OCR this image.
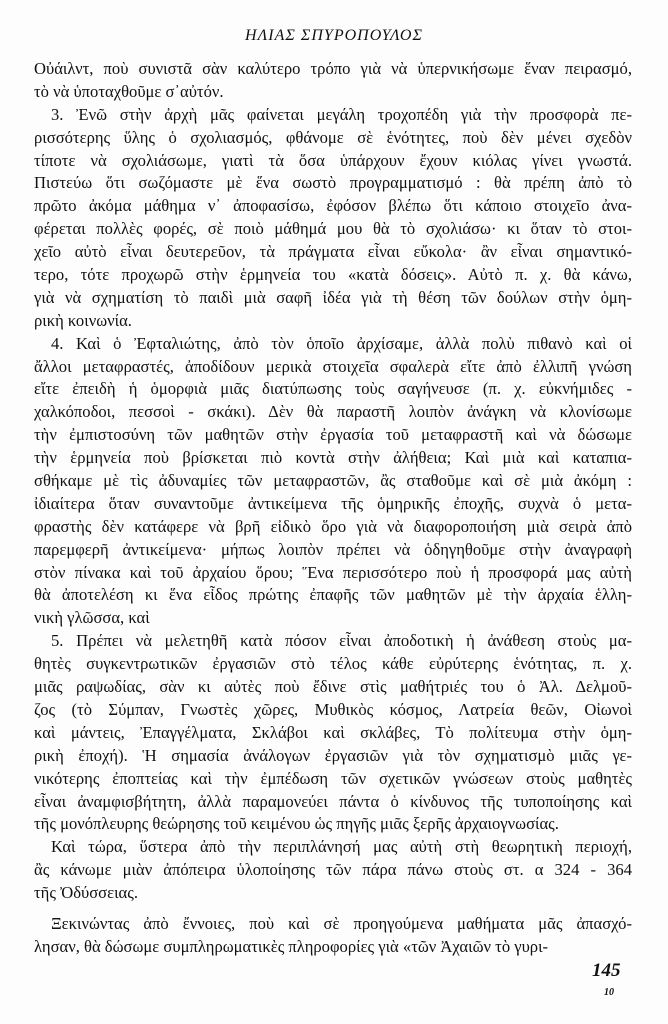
ΗΛΙΑΣ ΣΠΥΡΟΠΟΥΛΟΣ
Οὐάιλντ, ποὺ συνιστᾶ σὰν καλύτερο τρόπο γιὰ νὰ ὑπερνικήσωμε ἕναν πειρασμό,
τὸ νὰ ὑποταχθοῦμε σ᾽αὐτόν.
3. Ἐνῶ στὴν ἀρχὴ μᾶς φαίνεται μεγάλη τροχοπέδη γιὰ τὴν προσφορὰ πε-
ρισσότερης ὕλης ὁ σχολιασμός, φθάνομε σὲ ἑνότητες, ποὺ δὲν μένει σχεδὸν
τίποτε νὰ σχολιάσωμε, γιατὶ τὰ ὅσα ὑπάρχουν ἔχουν κιόλας γίνει γνωστά.
Πιστεύω ὅτι σωζόμαστε μὲ ἕνα σωστὸ προγραμματισμό : θὰ πρέπη ἀπὸ τὸ
πρῶτο ἀκόμα μάθημα ν᾽ ἀποφασίσω, ἐφόσον βλέπω ὅτι κάποιο στοιχεῖο ἀνα-
φέρεται πολλὲς φορές, σὲ ποιὸ μάθημά μου θὰ τὸ σχολιάσω· κι ὅταν τὸ στοι-
χεῖο αὐτὸ εἶναι δευτερεῦον, τὰ πράγματα εἶναι εὔκολα· ἂν εἶναι σημαντικό-
τερο, τότε προχωρῶ στὴν ἑρμηνεία του «κατὰ δόσεις». Αὐτὸ π. χ. θὰ κάνω,
γιὰ νὰ σχηματίση τὸ παιδὶ μιὰ σαφῆ ἰδέα γιὰ τὴ θέση τῶν δούλων στὴν ὁμη-
ρικὴ κοινωνία.
4. Καὶ ὁ Ἐφταλιώτης, ἀπὸ τὸν ὁποῖο ἀρχίσαμε, ἀλλὰ πολὺ πιθανὸ καὶ οἱ
ἄλλοι μεταφραστές, ἀποδίδουν μερικὰ στοιχεῖα σφαλερὰ εἴτε ἀπὸ ἐλλιπῆ γνώση
εἴτε ἐπειδὴ ἡ ὁμορφιὰ μιᾶς διατύπωσης τοὺς σαγήνευσε (π. χ. εὐκνήμιδες -
χαλκόποδοι, πεσσοὶ - σκάκι). Δὲν θὰ παραστῆ λοιπὸν ἀνάγκη νὰ κλονίσωμε
τὴν ἐμπιστοσύνη τῶν μαθητῶν στὴν ἐργασία τοῦ μεταφραστῆ καὶ νὰ δώσωμε
τὴν ἑρμηνεία ποὺ βρίσκεται πιὸ κοντὰ στὴν ἀλήθεια; Καὶ μιὰ καὶ καταπια-
σθήκαμε μὲ τὶς ἀδυναμίες τῶν μεταφραστῶν, ἂς σταθοῦμε καὶ σὲ μιὰ ἀκόμη :
ἰδιαίτερα ὅταν συναντοῦμε ἀντικείμενα τῆς ὁμηρικῆς ἐποχῆς, συχνὰ ὁ μετα-
φραστὴς δὲν κατάφερε νὰ βρῆ εἰδικὸ ὅρο γιὰ νὰ διαφοροποιήση μιὰ σειρὰ ἀπὸ
παρεμφερῆ ἀντικείμενα· μήπως λοιπὸν πρέπει νὰ ὁδηγηθοῦμε στὴν ἀναγραφὴ
στὸν πίνακα καὶ τοῦ ἀρχαίου ὅρου; Ἕνα περισσότερο ποὺ ἡ προσφορά μας αὐτὴ
θὰ ἀποτελέση κι ἕνα εἶδος πρώτης ἐπαφῆς τῶν μαθητῶν μὲ τὴν ἀρχαία ἑλλη-
νικὴ γλῶσσα, καὶ
5. Πρέπει νὰ μελετηθῆ κατὰ πόσον εἶναι ἀποδοτικὴ ἡ ἀνάθεση στοὺς μα-
θητὲς συγκεντρωτικῶν ἐργασιῶν στὸ τέλος κάθε εὐρύτερης ἑνότητας, π. χ.
μιᾶς ραψωδίας, σὰν κι αὐτὲς ποὺ ἔδινε στὶς μαθήτριές του ὁ Ἀλ. Δελμοῦ-
ζος (τὸ Σύμπαν, Γνωστὲς χῶρες, Μυθικὸς κόσμος, Λατρεία θεῶν, Οἰωνοὶ
καὶ μάντεις, Ἐπαγγέλματα, Σκλάβοι καὶ σκλάβες, Τὸ πολίτευμα στὴν ὁμη-
ρικὴ ἐποχή). Ἡ σημασία ἀνάλογων ἐργασιῶν γιὰ τὸν σχηματισμὸ μιᾶς γε-
νικότερης ἐποπτείας καὶ τὴν ἐμπέδωση τῶν σχετικῶν γνώσεων στοὺς μαθητὲς
εἶναι ἀναμφισβήτητη, ἀλλὰ παραμονεύει πάντα ὁ κίνδυνος τῆς τυποποίησης καὶ
τῆς μονόπλευρης θεώρησης τοῦ κειμένου ὡς πηγῆς μιᾶς ξερῆς ἀρχαιογνωσίας.
Καὶ τώρα, ὕστερα ἀπὸ τὴν περιπλάνησή μας αὐτὴ στὴ θεωρητικὴ περιοχή,
ἂς κάνωμε μιὰν ἀπόπειρα ὑλοποίησης τῶν πάρα πάνω στοὺς στ. α 324 - 364
τῆς Ὀδύσσειας.
Ξεκινώντας ἀπὸ ἔννοιες, ποὺ καὶ σὲ προηγούμενα μαθήματα μᾶς ἀπασχό-
λησαν, θὰ δώσωμε συμπληρωματικὲς πληροφορίες γιὰ «τῶν Ἀχαιῶν τὸ γυρι-
145
10
